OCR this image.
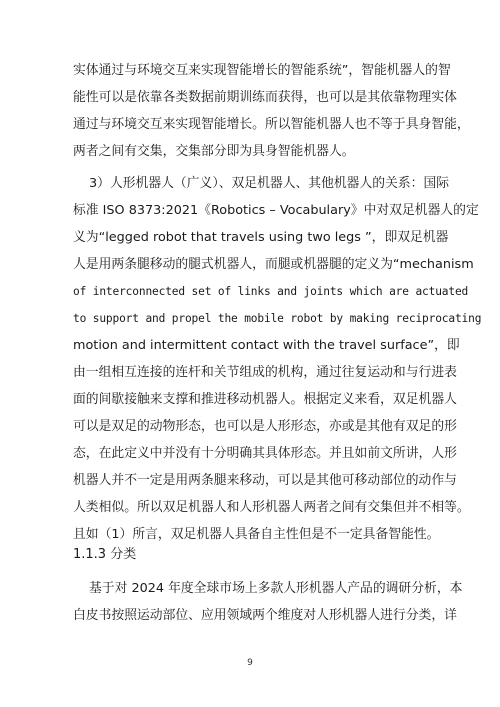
实体通过与环境交互来实现智能增长的智能系统”，智能机器人的智
能性可以是依靠各类数据前期训练而获得，也可以是其依靠物理实体
通过与环境交互来实现智能增长。所以智能机器人也不等于具身智能，
两者之间有交集，交集部分即为具身智能机器人。
3）人形机器人（广义）、双足机器人、其他机器人的关系：国际
标准 ISO 8373:2021《Robotics – Vocabulary》中对双足机器人的定
义为“legged robot that travels using two legs ”，即双足机器
人是用两条腿移动的腿式机器人，而腿或机器腿的定义为“mechanism
of interconnected set of links and joints which are actuated
to support and propel the mobile robot by making reciprocating
motion and intermittent contact with the travel surface”，即
由一组相互连接的连杆和关节组成的机构，通过往复运动和与行进表
面的间歇接触来支撑和推进移动机器人。根据定义来看，双足机器人
可以是双足的动物形态，也可以是人形形态，亦或是其他有双足的形
态，在此定义中并没有十分明确其具体形态。并且如前文所讲，人形
机器人并不一定是用两条腿来移动，可以是其他可移动部位的动作与
人类相似。所以双足机器人和人形机器人两者之间有交集但并不相等。
且如（1）所言，双足机器人具备自主性但是不一定具备智能性。
1.1.3 分类
基于对 2024 年度全球市场上多款人形机器人产品的调研分析，本
白皮书按照运动部位、应用领域两个维度对人形机器人进行分类，详
9
